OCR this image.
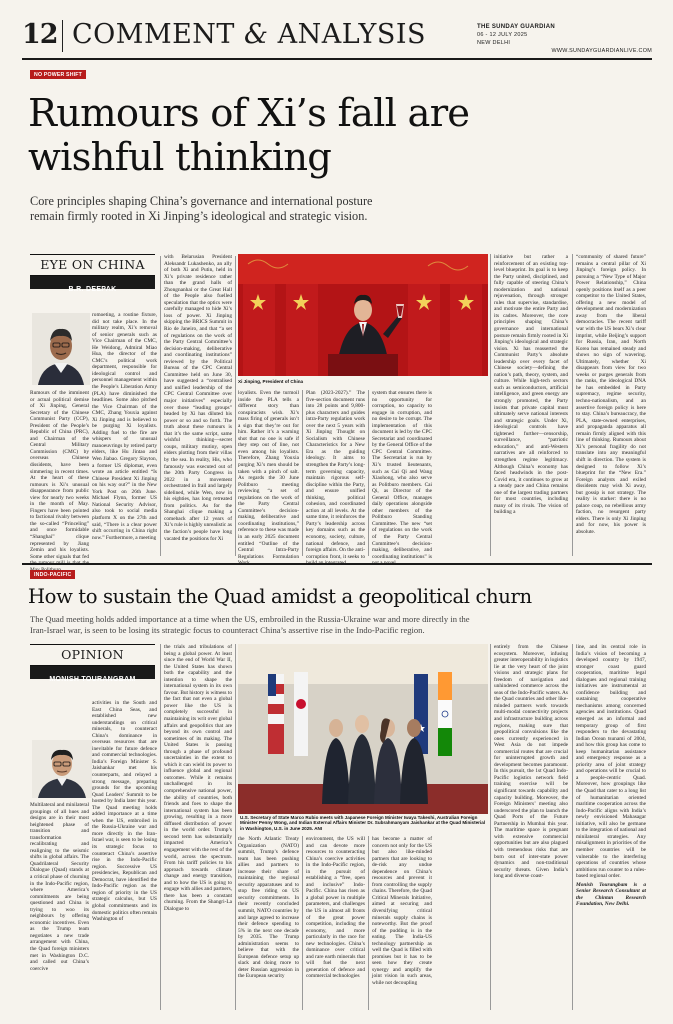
12 COMMENT & ANALYSIS	THE SUNDAY GUARDIAN
06 - 12 JULY 2025
NEW DELHI
WWW.SUNDAYGUARDIANLIVE.COM
NO POWER SHIFT
Rumours of Xi’s fall are
wishful thinking
Core principles shaping China’s governance and international posture
remain firmly rooted in Xi Jinping’s ideological and strategic vision.
EYE ON CHINA
B.R. DEEPAK
romoeting, a routine fixture, did not take place. In the military realm, Xi’s removal of senior generals such as Vice Chairman of the CMC, He Weidong, Admiral Miao Hua, the director of the CMC’s political work department, responsible for ideological control and personnel management within the People’s Liberation Army (PLA) have diminished the headlines. Some also pitched the Vice Chairman of the CMC, Zhang Youxia against Xi Jinping and is believed to be purging Xi loyalists. Adding fuel to the fire are whispers of unusual manoeuvrings by retired party elders, like Hu Jintao and Wen Jiabao. Gregory Slayton, a former US diplomat, even wrote an article entitled “Is Chinese President Xi Jinping on his way out?” in the New York Post on 26th June. Michael Flynn, former US National Security Advisor, also took to social media platform X on the 27th and said, “There is a clear power shift occurring in China right now.” Furthermore, a meeting
Rumours of the imminent or actual political demise of Xi Jinping, General Secretary of the Chinese Communist Party (CCP), President of the People’s Republic of China (PRC), and Chairman of the Central Military Commission (CMC) by overseas Chinese dissidents, have been simmering in recent times. At the heart of these rumours is Xi’s unusual disappearance from public view for nearly two weeks in the month of May. Fingers have been pointed to factional rivalry between the so-called “Princeling” and once formidable “Shanghai” clique represented by Jiang Zemin and his loyalists. Some other signals that fed
with Belarusian President Aleksandr Lukashenko, an ally of both Xi and Putin, held in Xi’s private residence rather than the grand halls of Zhongnanhai or the Great Hall of the People also fuelled speculation that the optics were carefully managed to hide Xi’s loss of power. Xi Jinping skipping the BRICS Summit in Rio de Janeiro, and that “a set of regulations on the work of the Party Central Committee’s decision-making, deliberative and coordinating institutions” reviewed by the Political Bureau of the CPC Central Committee held on June 30, have suggested a “centralised and unified leadership of the CPC Central Committee over major initiatives” especially over those “leading groups” headed by Xi has diluted his power or so and so forth. The truth about these rumours is that it’s the same script, same wishful thinking—secret coups, military mutiny, open elders plotting from their villas by the sea. In reality, His, who famously was executed out of the 20th Party Congress in 2022 in a movement orchestrated in frail and largely sidelined, while Wen, now in his eighties, has long retreated from politics. As for the Shanghai clique making a comeback after 12 years of Xi’s rule is highly unrealistic as the faction’s people have long vacated the positions for Xi
Xi Jinping, President of China
loyalists. Even the turmoil inside the PLA tells a different story than conspiracists wish. Xi’s mass firing of generals isn’t a sign that they’re out for him. Rather it’s a warning shot that no one is safe if they step out of line, not even among his loyalists. Therefore, Zhang Youxia purging Xi’s men should be taken with a pinch of salt. As regards the 30 June Politburo meeting reviewing “a set of regulations on the work of the Party Central Committee’s decision-making, deliberative and coordinating institutions,” reference to these was made in an early 2025 document entitled “Outline of the Central Intra-Party Regulations Formulation
Plan (2023-2027).” The five-section document runs into 28 points and 9,800-plus characters and guides intra-Party regulation work over the next 5 years with Xi Jinping Thought on Socialism with Chinese Characteristics for a New Era as the guiding ideology. It aims to strengthen the Party’s long-term governing capacity, maintain rigorous self-discipline within the Party, and ensure unified thinking, political cohesion, and coordinated action at all levels. At the same time, it reinforces the Party’s leadership across key domains such as the economy, society, culture, national defence, and foreign affairs. On the anti-corruption front, it seeks to
system that ensures there is no opportunity for corruption, no capacity to engage in corruption, and no desire to be corrupt. The implementation of this document is led by the CPC Secretariat and coordinated by the General Office of the CPC Central Committee. The Secretariat is run by Xi’s trusted lieutenants, such as Cai Qi and Wang Xiaohong, who also serve as Politburo members. Cai Qi, as Director of the General Office, manages daily operations alongside other members of the Politburo Standing Committee. The new “set of regulations on the work of the Party Central Committee’s decision-making, deliberative, and coordinating institutions” is
initiative but rather a reinforcement of an existing top-level blueprint. Its goal is to keep the Party united, disciplined, and fully capable of steering China’s modernization and national rejuvenation, through stronger rules that supervise, standardise, and motivate the entire Party and its cadres. Moreover, the core principles shaping China’s governance and international posture remain firmly rooted in Xi Jinping’s ideological and strategic vision. Xi has reasserted the Communist Party’s absolute leadership over every facet of Chinese society—defining the nation’s path, theory, system, and culture. While high-tech sectors such as semiconductors, artificial intelligence, and green energy are strongly promoted, the Party insists that private capital must ultimately serve national interests and strategic goals. Under Xi, ideological controls have tightened further—censorship, surveillance, “patriotic education,” and anti-Western narratives are all reinforced to strengthen regime legitimacy. Although China’s economy has faced headwinds in the post-Covid era, it continues to grow at a steady pace and China remains one of the largest trading partners for most countries, including many of its rivals. The vision of building a
“community of shared future” remains a central pillar of Xi Jinping’s foreign policy. In pursuing a “New Type of Major Power Relationship,” China openly positions itself as a peer competitor to the United States, offering a new model of development and modernization away from the liberal democracies. The recent tariff war with the US bears Xi’s clear imprint, while Beijing’s support for Russia, Iran, and North Korea has remained steady and shows no sign of wavering. Ultimately, whether Xi disappears from view for two weeks or purges generals from the ranks, the ideological DNA he has embedded in Party supremacy, regime security, techno-nationalism, and an assertive foreign policy is here to stay. China’s bureaucracy, the PLA, state-owned enterprises, and propaganda apparatus all remain firmly aligned with this line of thinking. Rumours about Xi’s personal fragility do not translate into any meaningful shift in direction. The system is designed to follow Xi’s blueprint for the “New Era.” Foreign analysts and exiled dissidents may wish Xi away, but gossip is not strategy. The reality is starker: there is no palace coup, no rebellious army faction, no resurgent party elders. There is only Xi Jinping and for now, his power is absolute.
INDO-PACIFIC
How to sustain the Quad amidst a geopolitical churn
The Quad meeting holds added importance at a time when the US, embroiled in the Russia-Ukraine war and more directly in the
Iran-Israel war, is seen to be losing its strategic focus to counteract China’s assertive rise in the Indo-Pacific region.
OPINION
MONISH TOURANGBAM
activities in the South and East China Seas, and established new understandings on critical minerals, to counteract China’s dominance in overseas resources that are inevitable for future defence and commercial technologies. India’s Foreign Minister S. Jaishankar met his counterparts, and relayed a strong message, preparing grounds for the upcoming Quad Leaders’ Summit to be hosted by India later this year. The Quad meeting holds added importance at a time when the US, embroiled in the Russia-Ukraine war and more directly in the Iran-Israel war, is seen to be losing its strategic focus to counteract China’s assertive rise in the Indo-Pacific region. Successive US presidencies, Republican and Democrat, have identified the Indo-Pacific region as the region of priority in the US strategic calculus, but US global commitments and its domestic politics often remain Washington of
Multilateral and minilateral groupings of all hues and designs are in their most heightened phase of transition and transformation recalibrating and realigning to the seismic shifts in global affairs. The Quadrilateral Security Dialogue (Quad) stands at a critical phase of churning in the Indo-Pacific region, where America’s commitments are being questioned and China is trying to woo its neighbours by offering economic incentives. Even as the Trump team negotiates a new trade arrangement with China, the Quad foreign ministers met in Washington D.C. and called out China’s coercive
the trials and tribulations of being a global power. At least since the end of World War II, the United States has shown both the capability and the intention to shape the international system in its own favour. But history is witness to the fact that not even a global power like the US is completely successful in maintaining its writ over global affairs and geopolitics that are beyond its own control and sometimes of its making. The United States is passing through a phase of profound uncertainties in the extent to which it can wield its power to influence global and regional outcomes. While it remains unchallenged in its comprehensive national power, the ability of countries, both friends and foes to shape the international system has been growing, resulting in a more diffused distribution of power in the world order. Trump’s second term has substantially impacted America’s engagement with the rest of the world, across the spectrum. From his tariff policies to his approach towards climate change and energy transition, and to how the US is going to engage with allies and partners, there has been a constant churning. From the Shangri-La Dialogue to
U.S. Secretary of State Marco Rubio meets with Japanese Foreign Minister Iwaya Takeshi, Australian Foreign Minister Penny Wong, and Indian External Affairs Minister Dr. Subrahmanyam Jaishankar at the Quad Ministerial in Washington, U.S. in June 2025. ANI
the North Atlantic Treaty Organization (NATO) summit, Trump’s defence team has been pushing allies and partners to increase their share of maintaining the regional security apparatuses and to stop free riding on US security commitments. In their recently concluded summit, NATO countries by and large agreed to increase their defence spending to 5% in the next one decade by 2035. The Trump administration seems to believe that with the European defence setup up slack and doing more to deter Russian aggression in the European security
environment, the US will and can devote more resources to counteracting China’s coercive activities in the Indo-Pacific region, in the pursuit of establishing a “free, open and inclusive” Indo-Pacific. China has risen as a global power in multiple parameters, and challenges the US in almost all fronts of the great power competition, including the economy, and more particularly in the race for new technologies. China’s dominance over critical and rare earth minerals that will fuel the next generation of defence and commercial technologies
has become a matter of concern not only for the US but also like-minded partners that are looking to de-risk any undue dependence on China’s resources and prevent it from controlling the supply chains. Therefore, the Quad Critical Minerals Initiative, aimed at securing and diversifying critical minerals supply chains is noteworthy. But the proof of the pudding is in the eating. The India-US technology partnership as well the Quad is filled with promises but it has to be seen how they create synergy and amplify the joint vision in such areas, while not decoupling
entirely from the Chinese ecosystem. Moreover, infusing greater interoperability in logistics lie at the very heart of the joint visions and strategic plans for freedom of navigation and unhindered commerce across the seas of the Indo-Pacific waters. As the Quad countries and other like-minded partners work towards multi-modal connectivity projects and infrastructure building across regions, making sure that geopolitical convulsions like the ones currently experienced in West Asia do not impede commercial routes that are crucial for uninterrupted growth and development becomes paramount. In this pursuit, the 1st Quad Indo-Pacific logistics network field training exercise will be significant towards capability and capacity building. Moreover, the Foreign Ministers’ meeting also underscored the plan to launch the Quad Ports of the Future Partnership in Mumbai this year. The maritime space is pregnant with extensive commercial opportunities but are also plagued with tremendous risks that are born out of inter-state power dynamics and non-traditional security threats. Given India’s long and diverse coast-
line, and its central role in India’s vision of becoming a developed country by 1947, stronger coast guard cooperation, maritime legal dialogues and regional training initiatives are instrumental at confidence building and sustaining cooperative mechanisms among concerned agencies and institutions. Quad emerged as an informal and temporary group of first responders to the devastating Indian Ocean tsunami of 2004, and how this group has come to keep humanitarian assistance and emergency response as a priority area of joint strategy and operations will be crucial to a people-centric Quad. Moreover, how groupings like the Quad that cater to a long list of humanitarian oriented maritime cooperation across the Indo-Pacific aligns with India’s newly envisioned Mahasagar initiative, will also be germane to the integration of national and minilateral strategies. Any misalignment in priorities of the member countries will be vulnerable to the interfering operations of countries whose ambitions run counter to a rules-based regional order.
Monish Tourangbam is a Senior Research Consultant at the Chintan Research Foundation, New Delhi.
